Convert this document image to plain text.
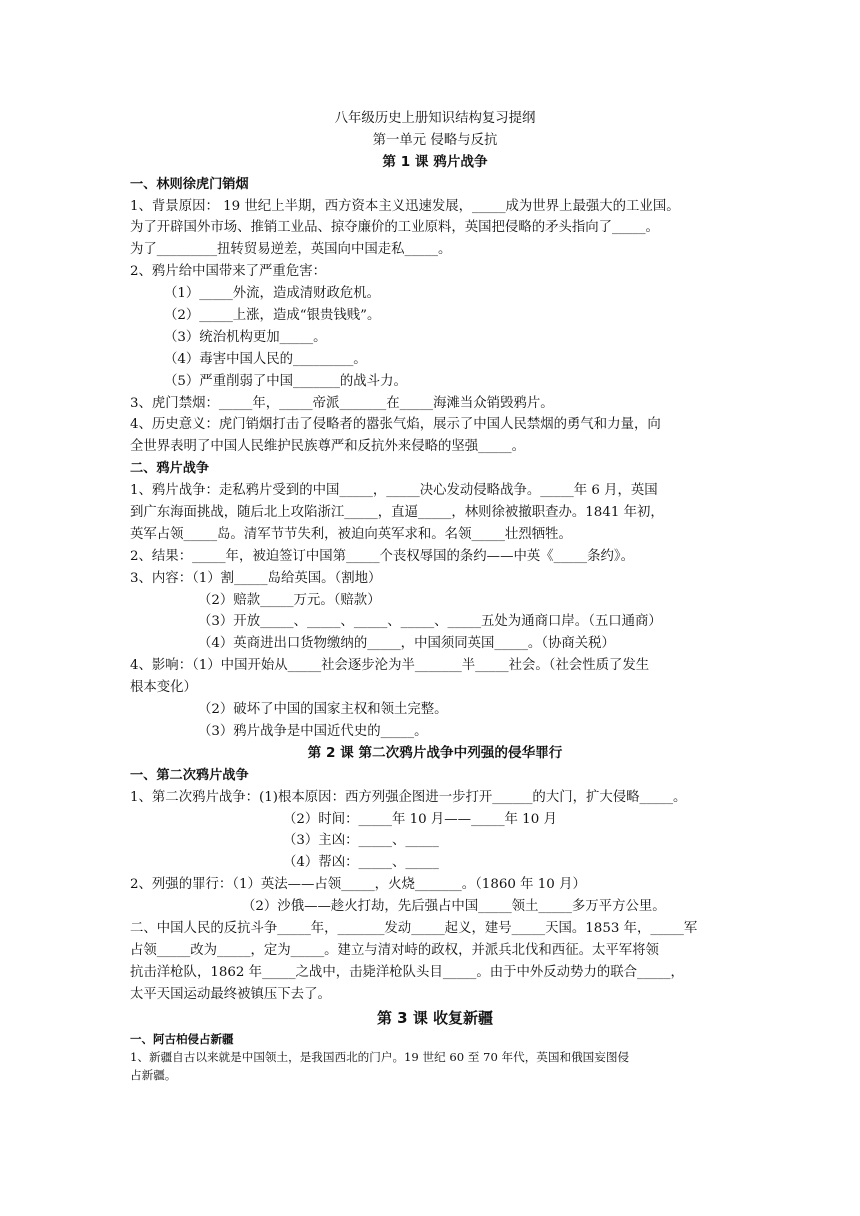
八年级历史上册知识结构复习提纲
第一单元 侵略与反抗
第 1 课 鸦片战争
一、林则徐虎门销烟
1、背景原因： 19 世纪上半期，西方资本主义迅速发展，_____成为世界上最强大的工业国。
为了开辟国外市场、推销工业品、掠夺廉价的工业原料，英国把侵略的矛头指向了_____。
为了_________扭转贸易逆差，英国向中国走私_____。
2、鸦片给中国带来了严重危害：
（1）_____外流，造成清财政危机。
（2）_____上涨，造成“银贵钱贱”。
（3）统治机构更加_____。
（4）毒害中国人民的_________。
（5）严重削弱了中国_______的战斗力。
3、虎门禁烟：_____年，_____帝派_______在_____海滩当众销毁鸦片。
4、历史意义：虎门销烟打击了侵略者的嚣张气焰，展示了中国人民禁烟的勇气和力量，向
全世界表明了中国人民维护民族尊严和反抗外来侵略的坚强_____。
二、鸦片战争
1、鸦片战争：走私鸦片受到的中国_____，_____决心发动侵略战争。_____年 6 月，英国
到广东海面挑战，随后北上攻陷浙江_____，直逼_____，林则徐被撤职查办。1841 年初，
英军占领_____岛。清军节节失利，被迫向英军求和。名领_____壮烈牺牲。
2、结果：_____年，被迫签订中国第_____个丧权辱国的条约——中英《_____条约》。
3、内容：（1）割_____岛给英国。（割地）
（2）赔款_____万元。（赔款）
（3）开放_____、_____、_____、_____、_____五处为通商口岸。（五口通商）
（4）英商进出口货物缴纳的_____，中国须同英国_____。（协商关税）
4、影响：（1）中国开始从_____社会逐步沦为半_______半_____社会。（社会性质了发生
根本变化）
（2）破坏了中国的国家主权和领土完整。
（3）鸦片战争是中国近代史的_____。
第 2 课 第二次鸦片战争中列强的侵华罪行
一、第二次鸦片战争
1、第二次鸦片战争：(1)根本原因：西方列强企图进一步打开______的大门，扩大侵略_____。
（2）时间：_____年 10 月——_____年 10 月
（3）主凶：_____、_____
（4）帮凶：_____、_____
2、列强的罪行：（1）英法——占领_____，火烧_______。（1860 年 10 月）
（2）沙俄——趁火打劫，先后强占中国_____领土_____多万平方公里。
二、中国人民的反抗斗争_____年，_______发动_____起义，建号_____天国。1853 年，_____军
占领_____改为_____，定为_____。建立与清对峙的政权，并派兵北伐和西征。太平军将领
抗击洋枪队，1862 年_____之战中，击毙洋枪队头目_____。由于中外反动势力的联合_____，
太平天国运动最终被镇压下去了。
第 3 课 收复新疆
一、阿古柏侵占新疆
1、新疆自古以来就是中国领土，是我国西北的门户。19 世纪 60 至 70 年代，英国和俄国妄图侵
占新疆。
